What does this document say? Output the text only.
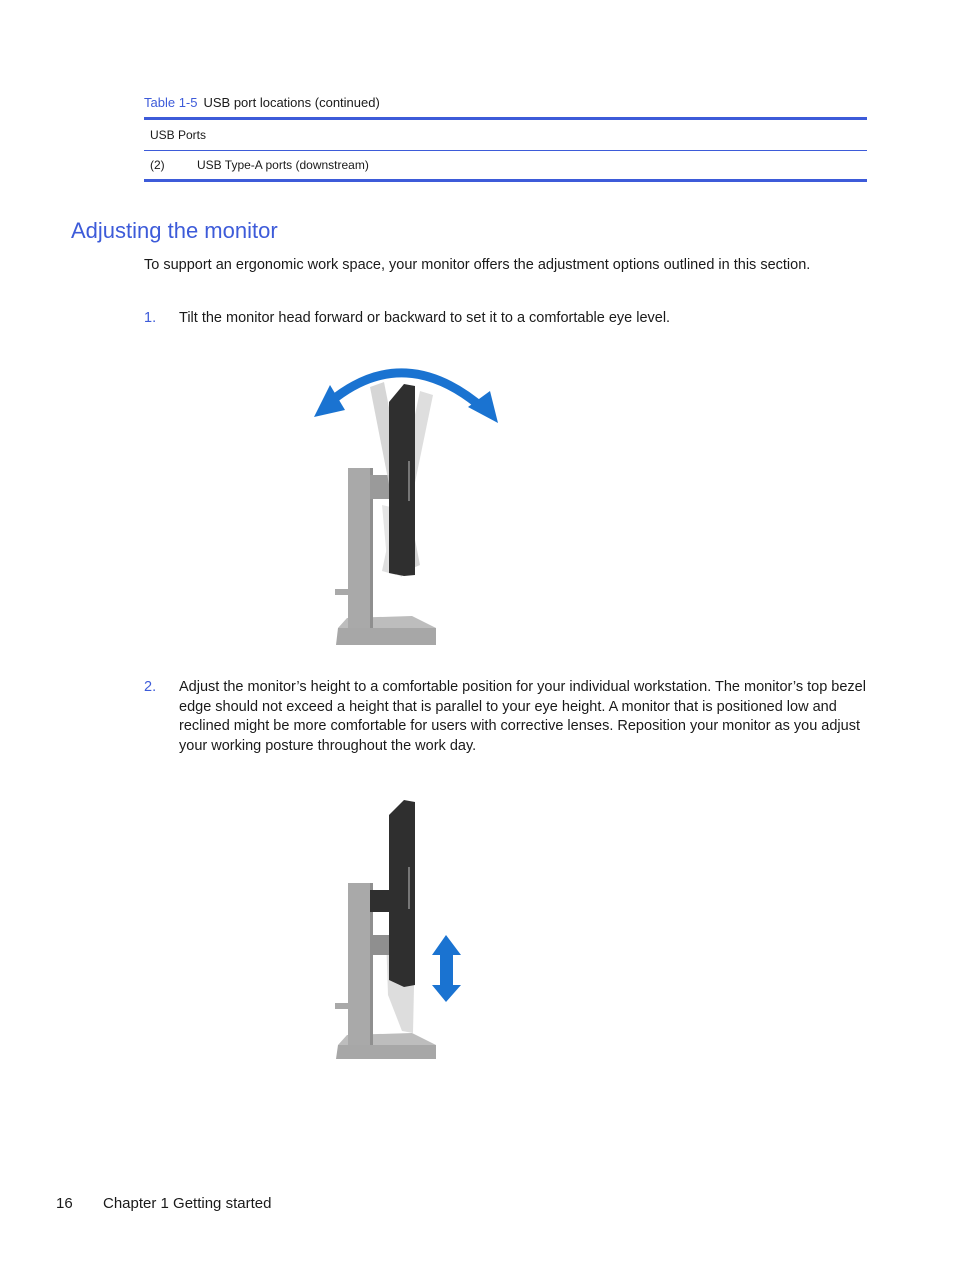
Table 1-5 USB port locations (continued)
USB Ports
(2)	USB Type-A ports (downstream)
Adjusting the monitor

To support an ergonomic work space, your monitor offers the adjustment options outlined in this section.

1. Tilt the monitor head forward or backward to set it to a comfortable eye level.
2. Adjust the monitor’s height to a comfortable position for your individual workstation. The monitor’s top bezel edge should not exceed a height that is parallel to your eye height. A monitor that is positioned low and reclined might be more comfortable for users with corrective lenses. Reposition your monitor as you adjust your working posture throughout the work day.
16 Chapter 1 Getting started
